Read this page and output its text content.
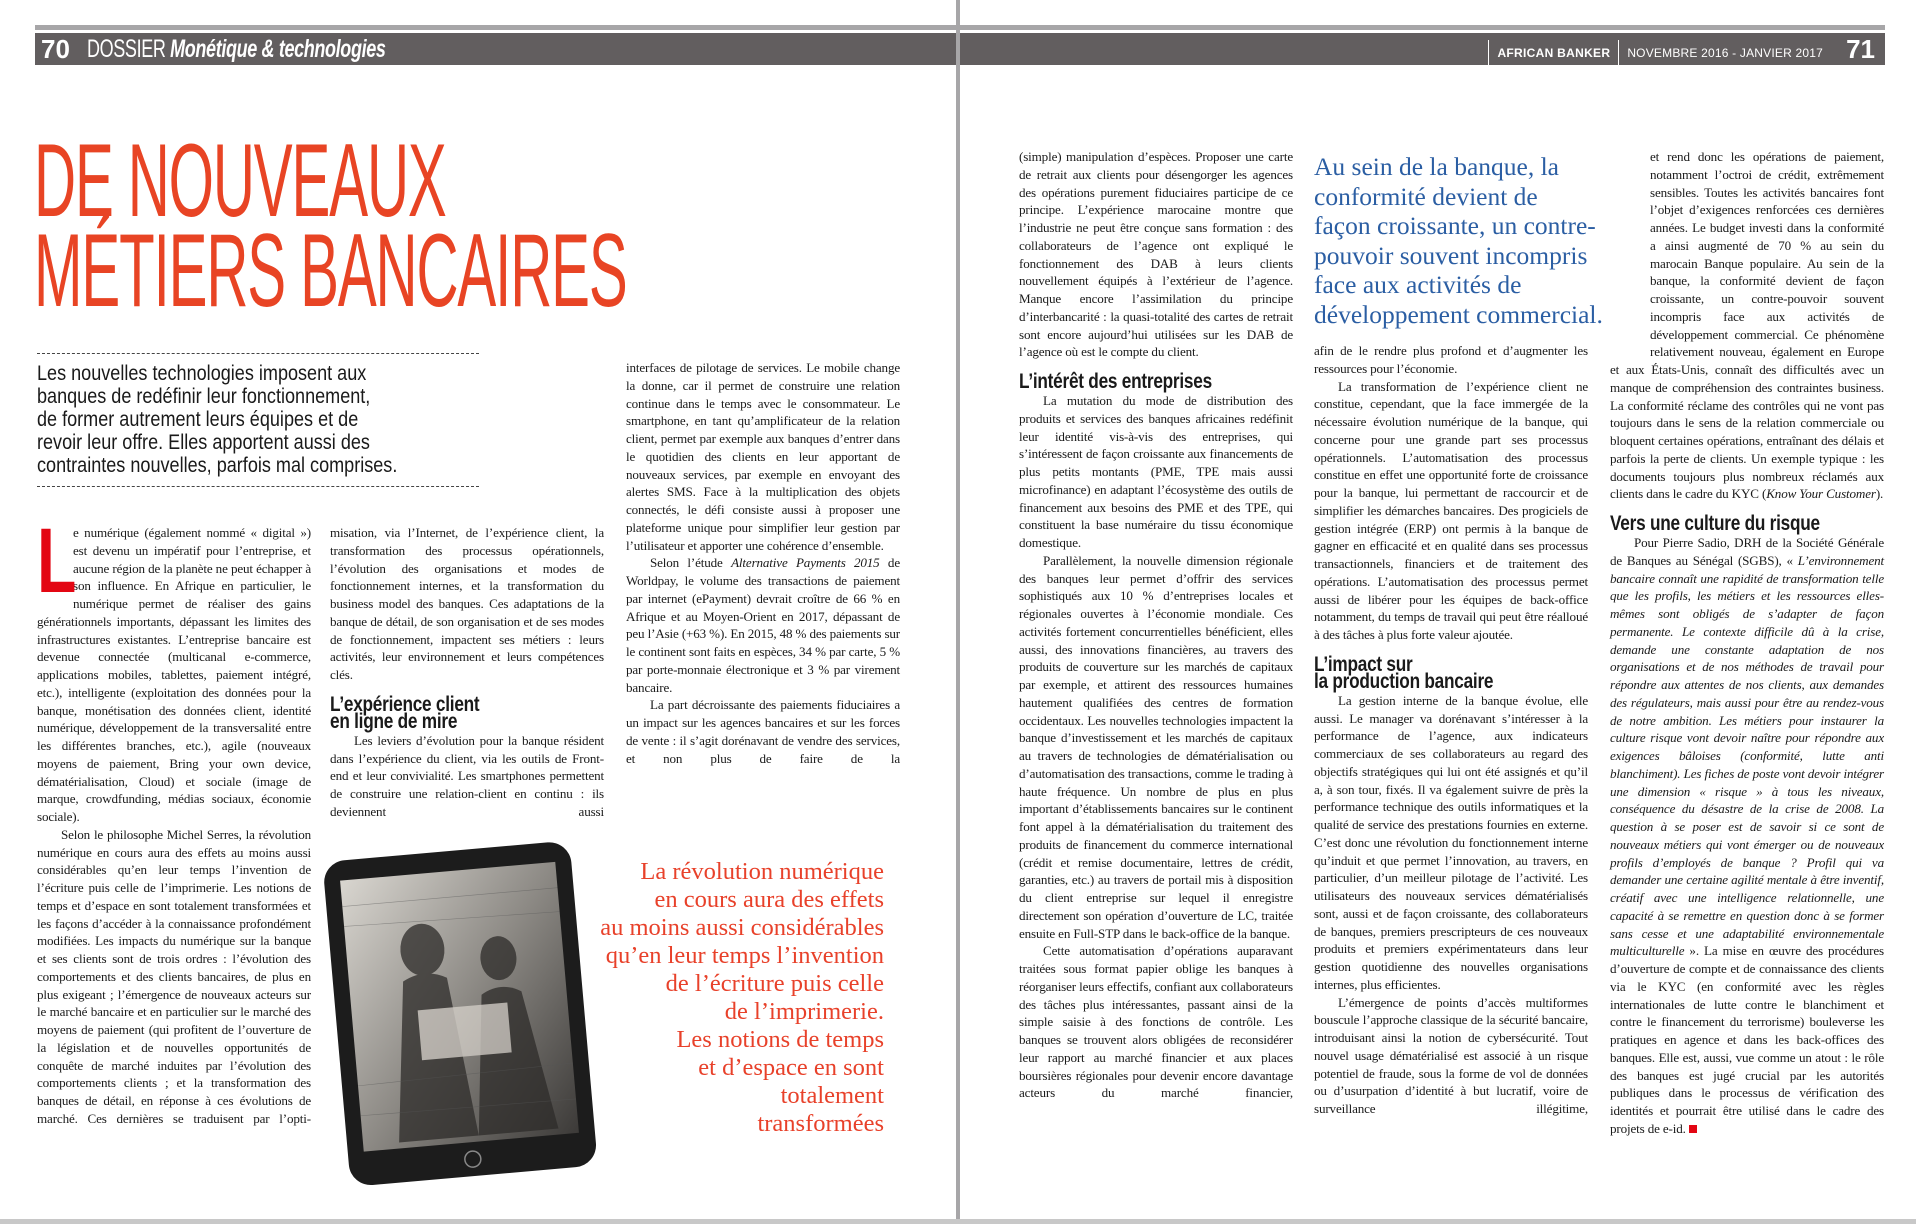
70 DOSSIER Monétique & technologies	AFRICAN BANKER NOVEMBRE 2016 - JANVIER 2017 71
DE NOUVEAUX
MÉTIERS BANCAIRES
Les nouvelles technologies imposent aux
banques de redéfinir leur fonctionnement,
de former autrement leurs équipes et de
revoir leur offre. Elles apportent aussi des
contraintes nouvelles, parfois mal comprises.

L
e numérique (également nommé « digital ») est devenu un impératif pour l’entreprise, et aucune région de la planète ne peut échapper à son influence. En Afrique en particulier, le numérique permet de réaliser des gains générationnels importants, dépassant les limites des infrastructures existantes. L’entreprise bancaire est devenue connectée (multicanal e-commerce, applications mobiles, tablettes, paiement intégré, etc.), intelligente (exploitation des données pour la banque, monétisation des données client, identité numérique, développement de la transversalité entre les différentes branches, etc.), agile (nouveaux moyens de paiement, Bring your own device, dématérialisation, Cloud) et sociale (image de marque, crowdfunding, médias sociaux, économie sociale).

Selon le philosophe Michel Serres, la révolution numérique en cours aura des effets au moins aussi considérables qu’en leur temps l’invention de l’écriture puis celle de l’imprimerie. Les notions de temps et d’espace en sont totalement transformées et les façons d’accéder à la connaissance profondément modifiées. Les impacts du numérique sur la banque et ses clients sont de trois ordres : l’évolution des comportements et des clients bancaires, de plus en plus exigeant ; l’émergence de nouveaux acteurs sur le marché bancaire et en particulier sur le marché des moyens de paiement (qui profitent de l’ouverture de la législation et de nouvelles opportunités de conquête de marché induites par l’évolution des comportements clients ; et la transformation des banques de détail, en réponse à ces évolutions de marché. Ces dernières se traduisent par l’opti-

misation, via l’Internet, de l’expérience client, la transformation des processus opérationnels, l’évolution des organisations et modes de fonctionnement internes, et la transformation du business model des banques. Ces adaptations de la banque de détail, de son organisation et de ses modes de fonctionnement, impactent ses métiers : leurs activités, leur environnement et leurs compétences clés.

L’expérience client
en ligne de mire

Les leviers d’évolution pour la banque résident dans l’expérience du client, via les outils de Front-end et leur convivialité. Les smartphones permettent de construire une relation-client en continu : ils deviennent aussi

interfaces de pilotage de services. Le mobile change la donne, car il permet de construire une relation continue dans le temps avec le consommateur. Le smartphone, en tant qu’amplificateur de la relation client, permet par exemple aux banques d’entrer dans le quotidien des clients en leur apportant de nouveaux services, par exemple en envoyant des alertes SMS. Face à la multiplication des objets connectés, le défi consiste aussi à proposer une plateforme unique pour simplifier leur gestion par l’utilisateur et apporter une cohérence d’ensemble.

Selon l’étude Alternative Payments 2015 de Worldpay, le volume des transactions de paiement par internet (ePayment) devrait croître de 66 % en Afrique et au Moyen-Orient en 2017, dépassant de peu l’Asie (+63 %). En 2015, 48 % des paiements sur le continent sont faits en espèces, 34 % par carte, 5 % par porte-monnaie électronique et 3 % par virement bancaire.

La part décroissante des paiements fiduciaires a un impact sur les agences bancaires et sur les forces de vente : il s’agit dorénavant de vendre des services, et non plus de faire de la

(simple) manipulation d’espèces. Proposer une carte de retrait aux clients pour désengorger les agences des opérations purement fiduciaires participe de ce principe. L’expérience marocaine montre que l’industrie ne peut être conçue sans formation : des collaborateurs de l’agence ont expliqué le fonctionnement des DAB à leurs clients nouvellement équipés à l’extérieur de l’agence. Manque encore l’assimilation du principe d’interbancarité : la quasi-totalité des cartes de retrait sont encore aujourd’hui utilisées sur les DAB de l’agence où est le compte du client.

L’intérêt des entreprises

La mutation du mode de distribution des produits et services des banques africaines redéfinit leur identité vis-à-vis des entreprises, qui s’intéressent de façon croissante aux financements de plus petits montants (PME, TPE mais aussi microfinance) en adaptant l’écosystème des outils de financement aux besoins des PME et des TPE, qui constituent la base numéraire du tissu économique domestique.

Parallèlement, la nouvelle dimension régionale des banques leur permet d’offrir des services sophistiqués aux 10 % d’entreprises locales et régionales ouvertes à l’économie mondiale. Ces activités fortement concurrentielles bénéficient, elles aussi, des innovations financières, au travers des produits de couverture sur les marchés de capitaux par exemple, et attirent des ressources humaines hautement qualifiées des centres de formation occidentaux. Les nouvelles technologies impactent la banque d’investissement et les marchés de capitaux au travers de technologies de dématérialisation ou d’automatisation des transactions, comme le trading à haute fréquence. Un nombre de plus en plus important d’établissements bancaires sur le continent font appel à la dématérialisation du traitement des produits de financement du commerce international (crédit et remise documentaire, lettres de crédit, garanties, etc.) au travers de portail mis à disposition du client entreprise sur lequel il enregistre directement son opération d’ouverture de LC, traitée ensuite en Full-STP dans le back-office de la banque.

Cette automatisation d’opérations auparavant traitées sous format papier oblige les banques à réorganiser leurs effectifs, confiant aux collaborateurs des tâches plus intéressantes, passant ainsi de la simple saisie à des fonctions de contrôle. Les banques se trouvent alors obligées de reconsidérer leur rapport au marché financier et aux places boursières régionales pour devenir encore davantage acteurs du marché financier,

afin de le rendre plus profond et d’augmenter les ressources pour l’économie.

La transformation de l’expérience client ne constitue, cependant, que la face immergée de la nécessaire évolution numérique de la banque, qui concerne pour une grande part ses processus opérationnels. L’automatisation des processus constitue en effet une opportunité forte de croissance pour la banque, lui permettant de raccourcir et de simplifier les démarches bancaires. Des progiciels de gestion intégrée (ERP) ont permis à la banque de gagner en efficacité et en qualité dans ses processus transactionnels, financiers et de traitement des opérations. L’automatisation des processus permet aussi de libérer pour les équipes de back-office notamment, du temps de travail qui peut être réalloué à des tâches à plus forte valeur ajoutée.

L’impact sur
la production bancaire

La gestion interne de la banque évolue, elle aussi. Le manager va dorénavant s’intéresser à la performance de l’agence, aux indicateurs commerciaux de ses collaborateurs au regard des objectifs stratégiques qui lui ont été assignés et qu’il a, à son tour, fixés. Il va également suivre de près la performance technique des outils informatiques et la qualité de service des prestations fournies en externe. C’est donc une révolution du fonctionnement interne qu’induit et que permet l’innovation, au travers, en particulier, d’un meilleur pilotage de l’activité. Les utilisateurs des nouveaux services dématérialisés sont, aussi et de façon croissante, des collaborateurs de banques, premiers prescripteurs de ces nouveaux produits et premiers expérimentateurs dans leur gestion quotidienne des nouvelles organisations internes, plus efficientes.

L’émergence de points d’accès multiformes bouscule l’approche classique de la sécurité bancaire, introduisant ainsi la notion de cybersécurité. Tout nouvel usage dématérialisé est associé à un risque potentiel de fraude, sous la forme de vol de données ou d’usurpation d’identité à but lucratif, voire de surveillance illégitime,

et rend donc les opérations de paiement, notamment l’octroi de crédit, extrêmement sensibles. Toutes les activités bancaires font l’objet d’exigences renforcées ces dernières années. Le budget investi dans la conformité a ainsi augmenté de 70 % au sein du marocain Banque populaire. Au sein de la banque, la conformité devient de façon croissante, un contre-pouvoir souvent incompris face aux activités de développement commercial. Ce phénomène relativement nouveau, également en Europe et aux États-Unis, connaît des difficultés avec un manque de compréhension des contraintes business. La conformité réclame des contrôles qui ne vont pas toujours dans le sens de la relation commerciale ou bloquent certaines opérations, entraînant des délais et parfois la perte de clients. Un exemple typique : les documents toujours plus nombreux réclamés aux clients dans le cadre du KYC (Know Your Customer).

Vers une culture du risque

Pour Pierre Sadio, DRH de la Société Générale de Banques au Sénégal (SGBS), « L’environnement bancaire connaît une rapidité de transformation telle que les profils, les métiers et les ressources elles-mêmes sont obligés de s’adapter de façon permanente. Le contexte difficile dû à la crise, demande une constante adaptation de nos organisations et de nos méthodes de travail pour répondre aux attentes de nos clients, aux demandes des régulateurs, mais aussi pour être au rendez-vous de notre ambition. Les métiers pour instaurer la culture risque vont devoir naître pour répondre aux exigences bâloises (conformité, lutte anti blanchiment). Les fiches de poste vont devoir intégrer une dimension « risque » à tous les niveaux, conséquence du désastre de la crise de 2008. La question à se poser est de savoir si ce sont de nouveaux métiers qui vont émerger ou de nouveaux profils d’employés de banque ? Profil qui va demander une certaine agilité mentale à être inventif, créatif avec une intelligence relationnelle, une capacité à se remettre en question donc à se former sans cesse et une adaptabilité environnementale multiculturelle ». La mise en œuvre des procédures d’ouverture de compte et de connaissance des clients via le KYC (en conformité avec les règles internationales de lutte contre le blanchiment et contre le financement du terrorisme) bouleverse les pratiques en agence et dans les back-offices des banques. Elle est, aussi, vue comme un atout : le rôle des banques est jugé crucial par les autorités publiques dans le processus de vérification des identités et pourrait être utilisé dans le cadre des projets de e-id.

La révolution numérique
en cours aura des effets
au moins aussi considérables
qu’en leur temps l’invention
de l’écriture puis celle
de l’imprimerie.
Les notions de temps
et d’espace en sont
totalement
transformées
Au sein de la banque, la
conformité devient de
façon croissante, un contre-
pouvoir souvent incompris
face aux activités de
développement commercial.
